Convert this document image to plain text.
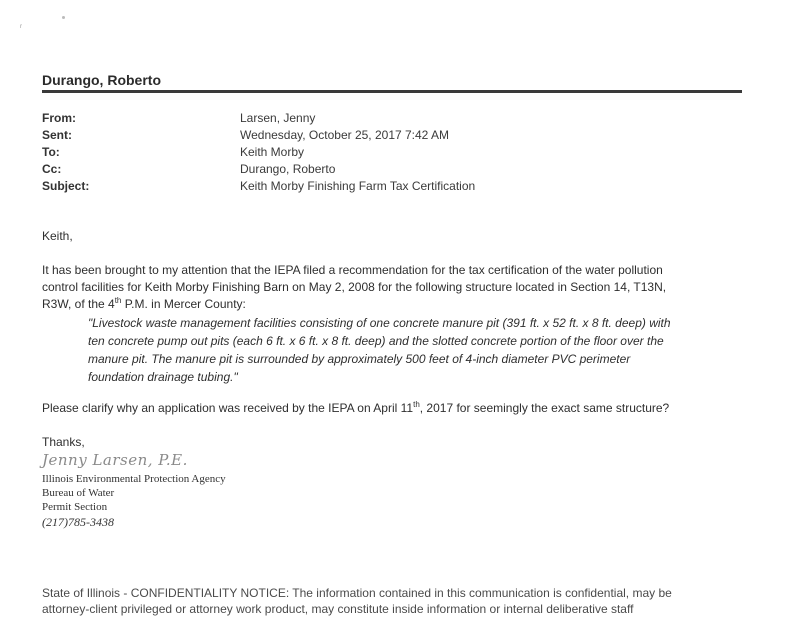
ʳ
Durango, Roberto
From:	Larsen, Jenny
Sent:	Wednesday, October 25, 2017 7:42 AM
To:	Keith Morby
Cc:	Durango, Roberto
Subject:	Keith Morby Finishing Farm Tax Certification
Keith,
It has been brought to my attention that the IEPA filed a recommendation for the tax certification of the water pollution
control facilities for Keith Morby Finishing Barn on May 2, 2008 for the following structure located in Section 14, T13N,
R3W, of the 4th P.M. in Mercer County:
"Livestock waste management facilities consisting of one concrete manure pit (391 ft. x 52 ft. x 8 ft. deep) with
ten concrete pump out pits (each 6 ft. x 6 ft. x 8 ft. deep) and the slotted concrete portion of the floor over the
manure pit. The manure pit is surrounded by approximately 500 feet of 4-inch diameter PVC perimeter
foundation drainage tubing."
Please clarify why an application was received by the IEPA on April 11th, 2017 for seemingly the exact same structure?
Thanks,
Jenny Larsen, P.E.
Illinois Environmental Protection Agency
Bureau of Water
Permit Section
(217)785-3438
State of Illinois - CONFIDENTIALITY NOTICE: The information contained in this communication is confidential, may be
attorney-client privileged or attorney work product, may constitute inside information or internal deliberative staff
